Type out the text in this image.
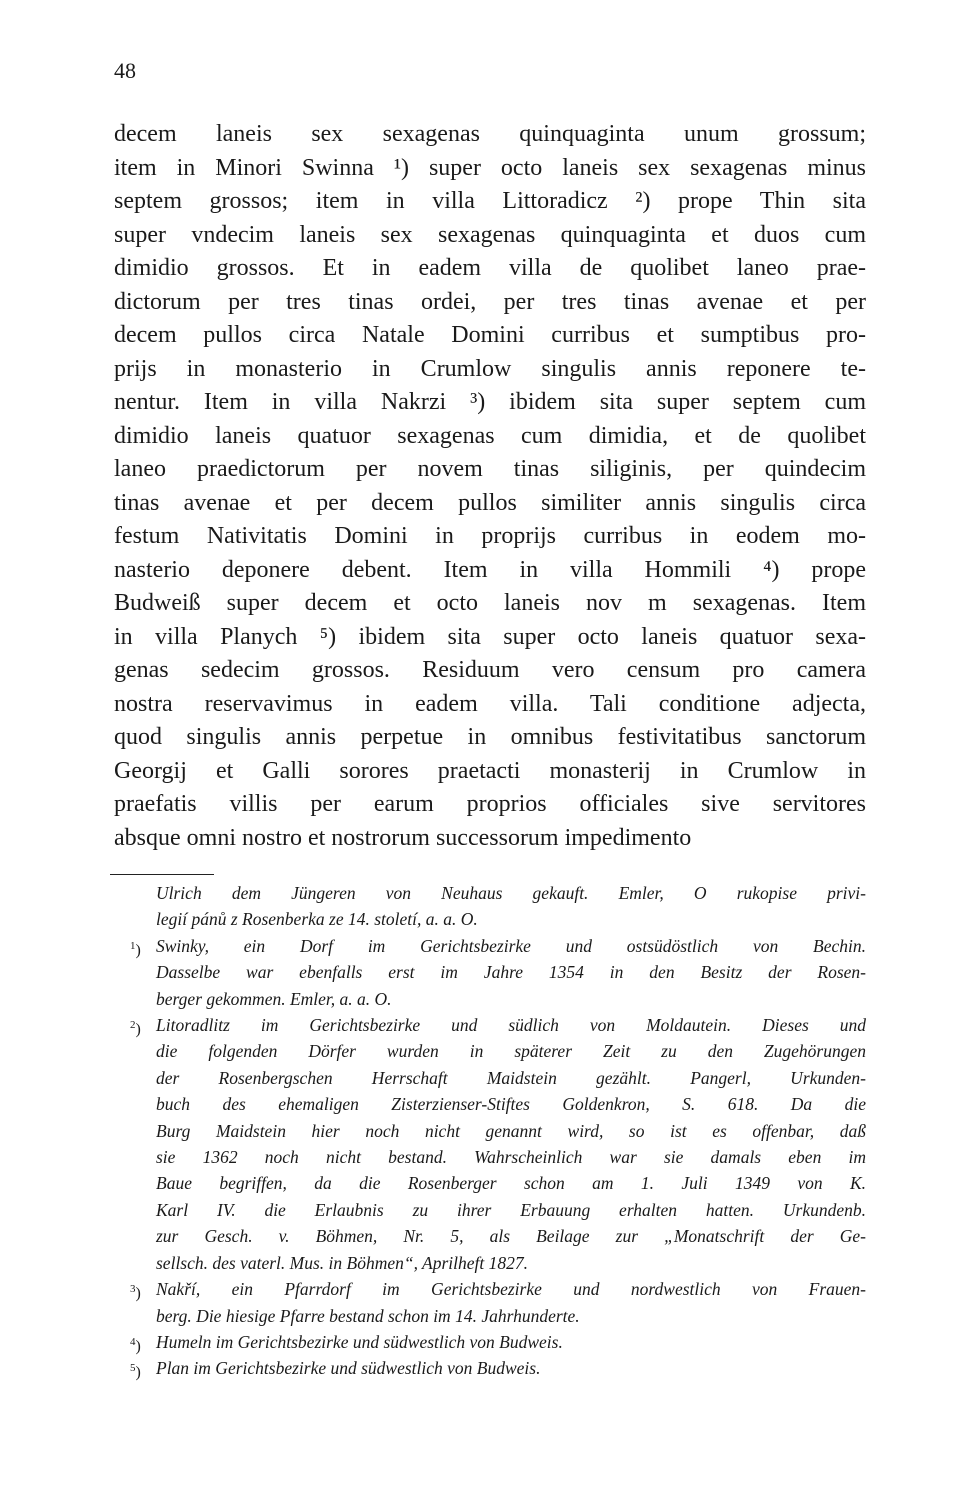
48
decem laneis sex sexagenas quinquaginta unum grossum;
item in Minori Swinna ¹) super octo laneis sex sexagenas minus
septem grossos; item in villa Littoradicz ²) prope Thin sita
super vndecim laneis sex sexagenas quinquaginta et duos cum
dimidio grossos. Et in eadem villa de quolibet laneo prae-
dictorum per tres tinas ordei, per tres tinas avenae et per
decem pullos circa Natale Domini curribus et sumptibus pro-
prijs in monasterio in Crumlow singulis annis reponere te-
nentur. Item in villa Nakrzi ³) ibidem sita super septem cum
dimidio laneis quatuor sexagenas cum dimidia, et de quolibet
laneo praedictorum per novem tinas siliginis, per quindecim
tinas avenae et per decem pullos similiter annis singulis circa
festum Nativitatis Domini in proprijs curribus in eodem mo-
nasterio deponere debent. Item in villa Hommili ⁴) prope
Budweiß super decem et octo laneis nov m sexagenas. Item
in villa Planych ⁵) ibidem sita super octo laneis quatuor sexa-
genas sedecim grossos. Residuum vero censum pro camera
nostra reservavimus in eadem villa. Tali conditione adjecta,
quod singulis annis perpetue in omnibus festivitatibus sanctorum
Georgij et Galli sorores praetacti monasterij in Crumlow in
praefatis villis per earum proprios officiales sive servitores
absque omni nostro et nostrorum successorum impedimento
Ulrich dem Jüngeren von Neuhaus gekauft. Emler, O rukopise privi-
legií pánů z Rosenberka ze 14. století, a. a. O.
$^1$) Swinky, ein Dorf im Gerichtsbezirke und ostsüdöstlich von Bechin.
Dasselbe war ebenfalls erst im Jahre 1354 in den Besitz der Rosen-
berger gekommen. Emler, a. a. O.
$^2$) Litoradlitz im Gerichtsbezirke und südlich von Moldautein. Dieses und
die folgenden Dörfer wurden in späterer Zeit zu den Zugehörungen
der Rosenbergschen Herrschaft Maidstein gezählt. Pangerl, Urkunden-
buch des ehemaligen Zisterzienser-Stiftes Goldenkron, S. 618. Da die
Burg Maidstein hier noch nicht genannt wird, so ist es offenbar, daß
sie 1362 noch nicht bestand. Wahrscheinlich war sie damals eben im
Baue begriffen, da die Rosenberger schon am 1. Juli 1349 von K.
Karl IV. die Erlaubnis zu ihrer Erbauung erhalten hatten. Urkundenb.
zur Gesch. v. Böhmen, Nr. 5, als Beilage zur „Monatschrift der Ge-
sellsch. des vaterl. Mus. in Böhmen“, Aprilheft 1827.
$^3$) Nakří, ein Pfarrdorf im Gerichtsbezirke und nordwestlich von Frauen-
berg. Die hiesige Pfarre bestand schon im 14. Jahrhunderte.
$^4$) Humeln im Gerichtsbezirke und südwestlich von Budweis.
$^5$) Plan im Gerichtsbezirke und südwestlich von Budweis.
